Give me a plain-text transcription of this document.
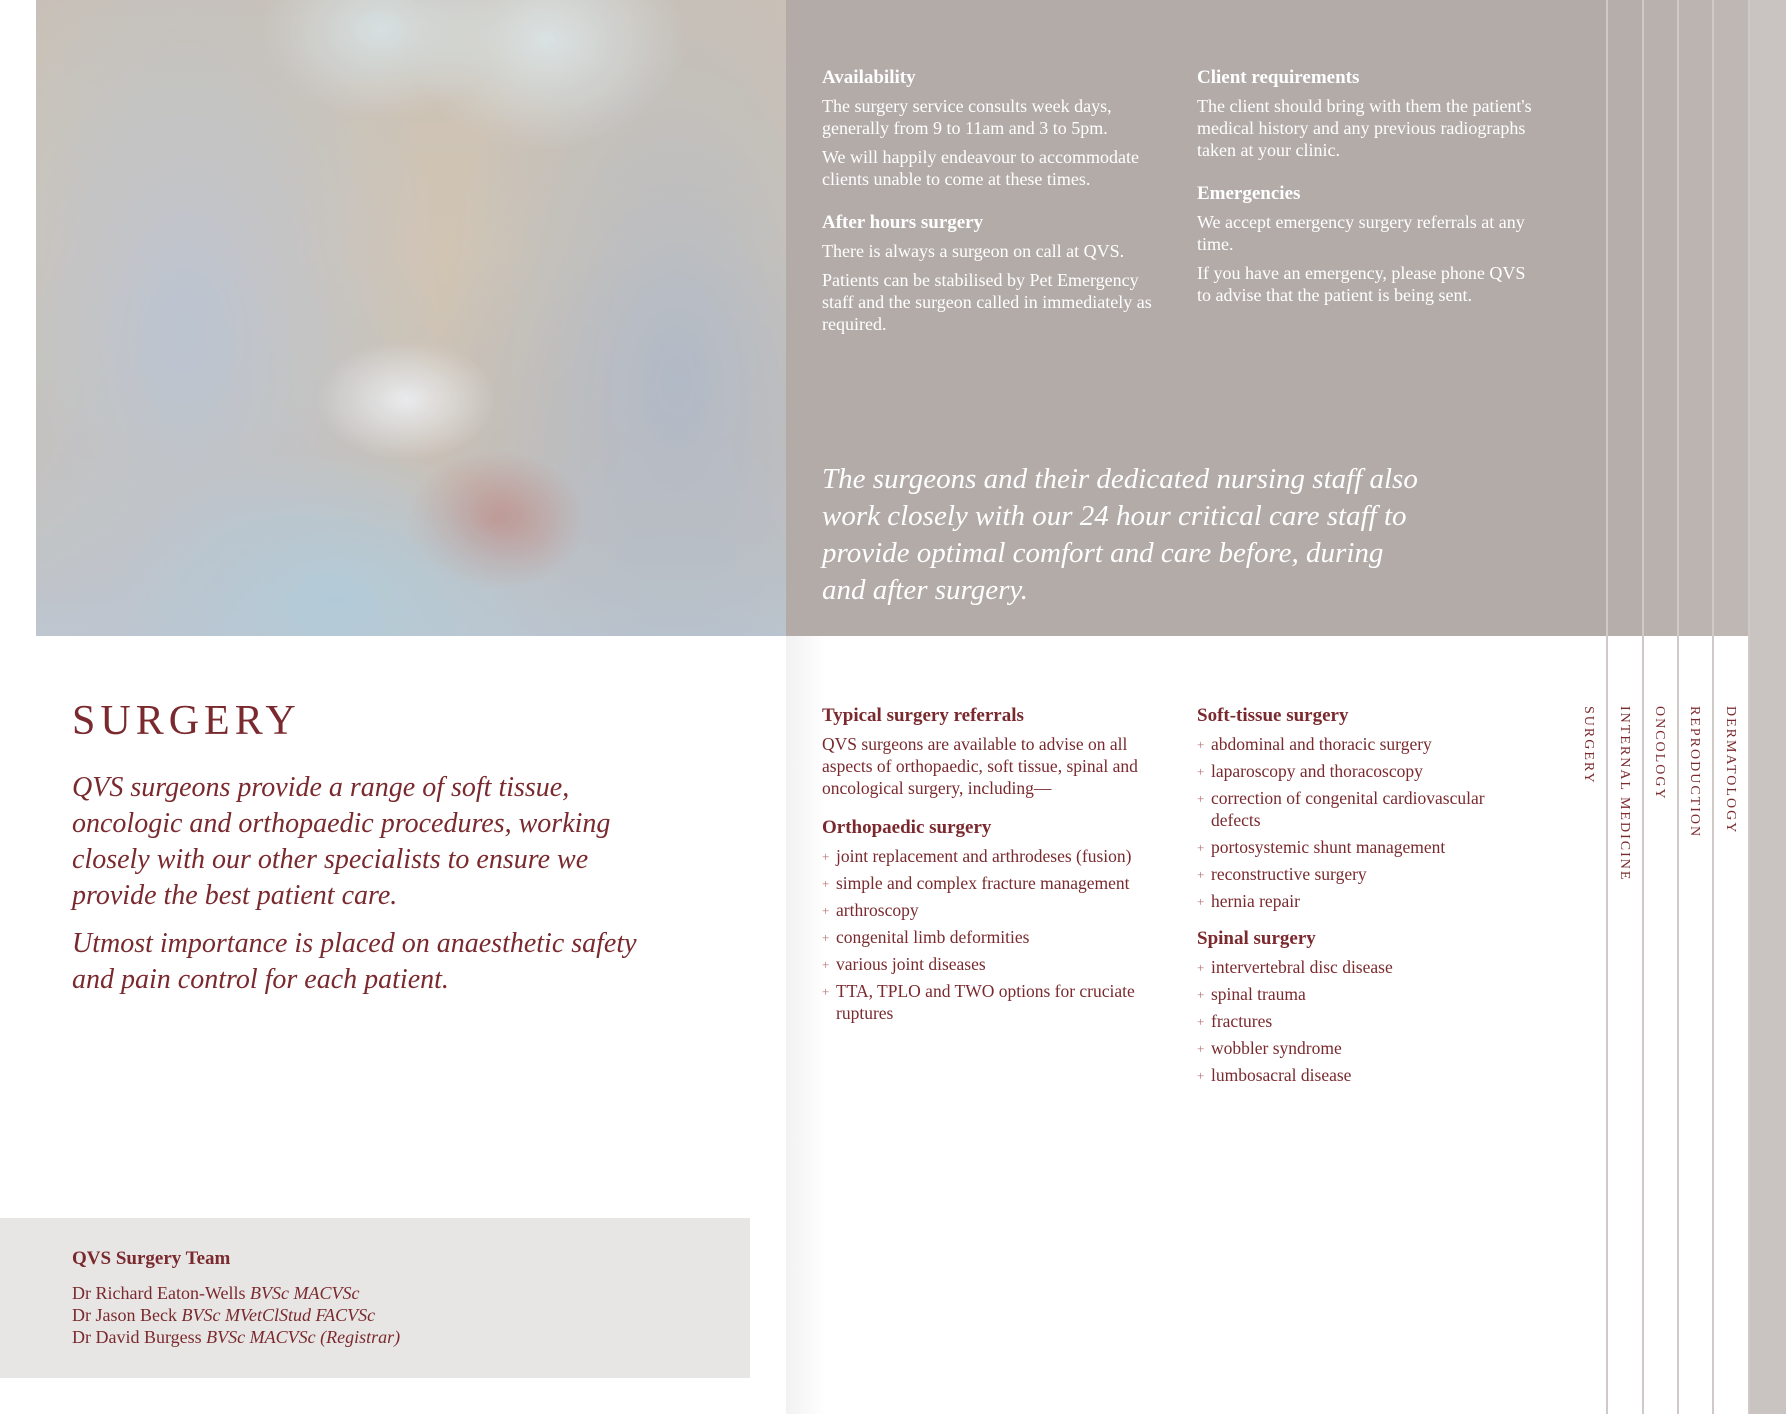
Availability

The surgery service consults week days, generally from 9 to 11am and 3 to 5pm.

We will happily endeavour to accommodate clients unable to come at these times.

After hours surgery

There is always a surgeon on call at QVS.

Patients can be stabilised by Pet Emergency staff and the surgeon called in immediately as required.

Client requirements

The client should bring with them the patient's medical history and any previous radiographs taken at your clinic.

Emergencies

We accept emergency surgery referrals at any time.

If you have an emergency, please phone QVS to advise that the patient is being sent.

The surgeons and their dedicated nursing staff also work closely with our 24 hour critical care staff to provide optimal comfort and care before, during and after surgery.
SURGERY INTERNAL MEDICINE ONCOLOGY REPRODUCTION DERMATOLOGY
SURGERY

QVS surgeons provide a range of soft tissue, oncologic and orthopaedic procedures, working closely with our other specialists to ensure we provide the best patient care.

Utmost importance is placed on anaesthetic safety and pain control for each patient.

QVS Surgery Team
Dr Richard Eaton-Wells BVSc MACVSc
Dr Jason Beck BVSc MVetClStud FACVSc
Dr David Burgess BVSc MACVSc (Registrar)
Typical surgery referrals

QVS surgeons are available to advise on all aspects of orthopaedic, soft tissue, spinal and oncological surgery, including—

Orthopaedic surgery
+ joint replacement and arthrodeses (fusion)
+ simple and complex fracture management
+ arthroscopy
+ congenital limb deformities
+ various joint diseases
+ TTA, TPLO and TWO options for cruciate ruptures
Soft-tissue surgery
+ abdominal and thoracic surgery
+ laparoscopy and thoracoscopy
+ correction of congenital cardiovascular defects
+ portosystemic shunt management
+ reconstructive surgery
+ hernia repair
Spinal surgery
+ intervertebral disc disease
+ spinal trauma
+ fractures
+ wobbler syndrome
+ lumbosacral disease
